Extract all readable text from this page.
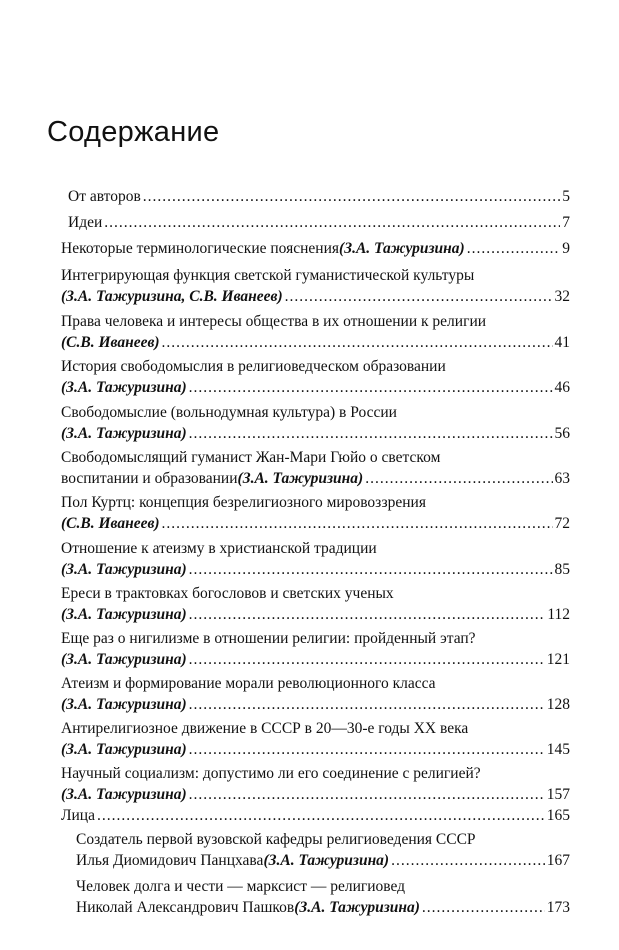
Содержание
От авторов .....	5
Идеи .....	7
Некоторые терминологические пояснения (З.А. Тажуризина) .....	9
Интегрирующая функция светской гуманистической культуры
(З.А. Тажуризина, С.В. Иванеев) .....	32
Права человека и интересы общества в их отношении к религии
(С.В. Иванеев) .....	41
История свободомыслия в религиоведческом образовании
(З.А. Тажуризина) .....	46
Свободомыслие (вольнодумная культура) в России
(З.А. Тажуризина) .....	56
Свободомыслящий гуманист Жан-Мари Гюйо о светском
воспитании и образовании (З.А. Тажуризина) .....	63
Пол Куртц: концепция безрелигиозного мировоззрения
(С.В. Иванеев) .....	72
Отношение к атеизму в христианской традиции
(З.А. Тажуризина) .....	85
Ереси в трактовках богословов и светских ученых
(З.А. Тажуризина) .....	112
Еще раз о нигилизме в отношении религии: пройденный этап?
(З.А. Тажуризина) .....	121
Атеизм и формирование морали революционного класса
(З.А. Тажуризина) .....	128
Антирелигиозное движение в СССР в 20—30-е годы XX века
(З.А. Тажуризина) .....	145
Научный социализм: допустимо ли его соединение с религией?
(З.А. Тажуризина) .....	157
Лица .....	165
Создатель первой вузовской кафедры религиоведения СССР
Илья Диомидович Панцхава (З.А. Тажуризина) .....	167
Человек долга и чести — марксист — религиовед
Николай Александрович Пашков (З.А. Тажуризина) .....	173
